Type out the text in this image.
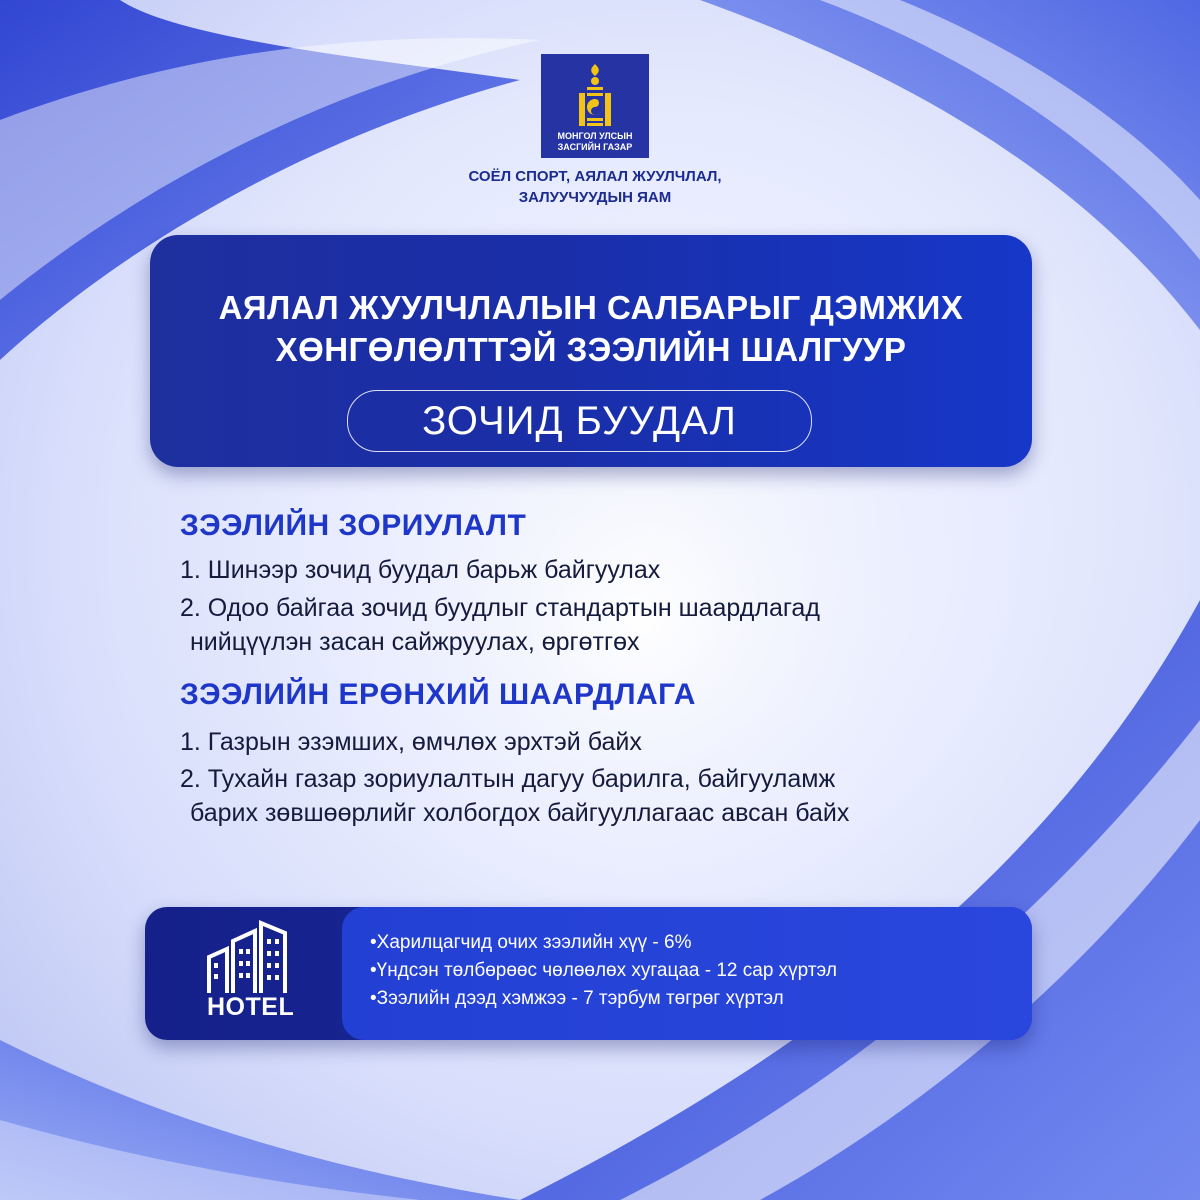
МОНГОЛ УЛСЫН
ЗАСГИЙН ГАЗАР
СОЁЛ СПОРТ, АЯЛАЛ ЖУУЛЧЛАЛ,
ЗАЛУУЧУУДЫН ЯАМ
АЯЛАЛ ЖУУЛЧЛАЛЫН САЛБАРЫГ ДЭМЖИХ
ХӨНГӨЛӨЛТТЭЙ ЗЭЭЛИЙН ШАЛГУУР
ЗОЧИД БУУДАЛ
ЗЭЭЛИЙН ЗОРИУЛАЛТ
1. Шинээр зочид буудал барьж байгуулах
2. Одоо байгаа зочид буудлыг стандартын шаардлагад
нийцүүлэн засан сайжруулах, өргөтгөх
ЗЭЭЛИЙН ЕРӨНХИЙ ШААРДЛАГА
1. Газрын эзэмших, өмчлөх эрхтэй байх
2. Тухайн газар зориулалтын дагуу барилга, байгууламж
барих зөвшөөрлийг холбогдох байгууллагаас авсан байх
HOTEL
•Харилцагчид очих зээлийн хүү - 6%
•Үндсэн төлбөрөөс чөлөөлөх хугацаа - 12 сар хүртэл
•Зээлийн дээд хэмжээ - 7 тэрбум төгрөг хүртэл
